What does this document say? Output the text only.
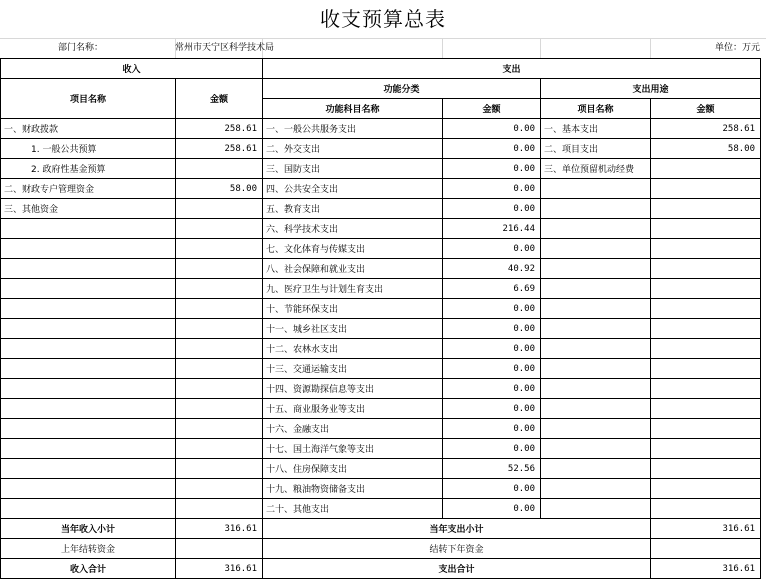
收支预算总表
部门名称：	常州市天宁区科学技术局	单位：万元
收入		支出			
项目名称	金额	功能分类		支出用途	
		功能科目名称	金额	项目名称	金额
一、财政拨款	258.61	一、一般公共服务支出	0.00	一、基本支出	258.61
1. 一般公共预算	258.61	二、外交支出	0.00	二、项目支出	58.00
2. 政府性基金预算		三、国防支出	0.00	三、单位预留机动经费	
二、财政专户管理资金	58.00	四、公共安全支出	0.00		
三、其他资金		五、教育支出	0.00		
		六、科学技术支出	216.44		
		七、文化体育与传媒支出	0.00		
		八、社会保障和就业支出	40.92		
		九、医疗卫生与计划生育支出	6.69		
		十、节能环保支出	0.00		
		十一、城乡社区支出	0.00		
		十二、农林水支出	0.00		
		十三、交通运输支出	0.00		
		十四、资源勘探信息等支出	0.00		
		十五、商业服务业等支出	0.00		
		十六、金融支出	0.00		
		十七、国土海洋气象等支出	0.00		
		十八、住房保障支出	52.56		
		十九、粮油物资储备支出	0.00		
		二十、其他支出	0.00		
当年收入小计	316.61	当年支出小计			316.61
上年结转资金		结转下年资金			
收入合计	316.61	支出合计			316.61
